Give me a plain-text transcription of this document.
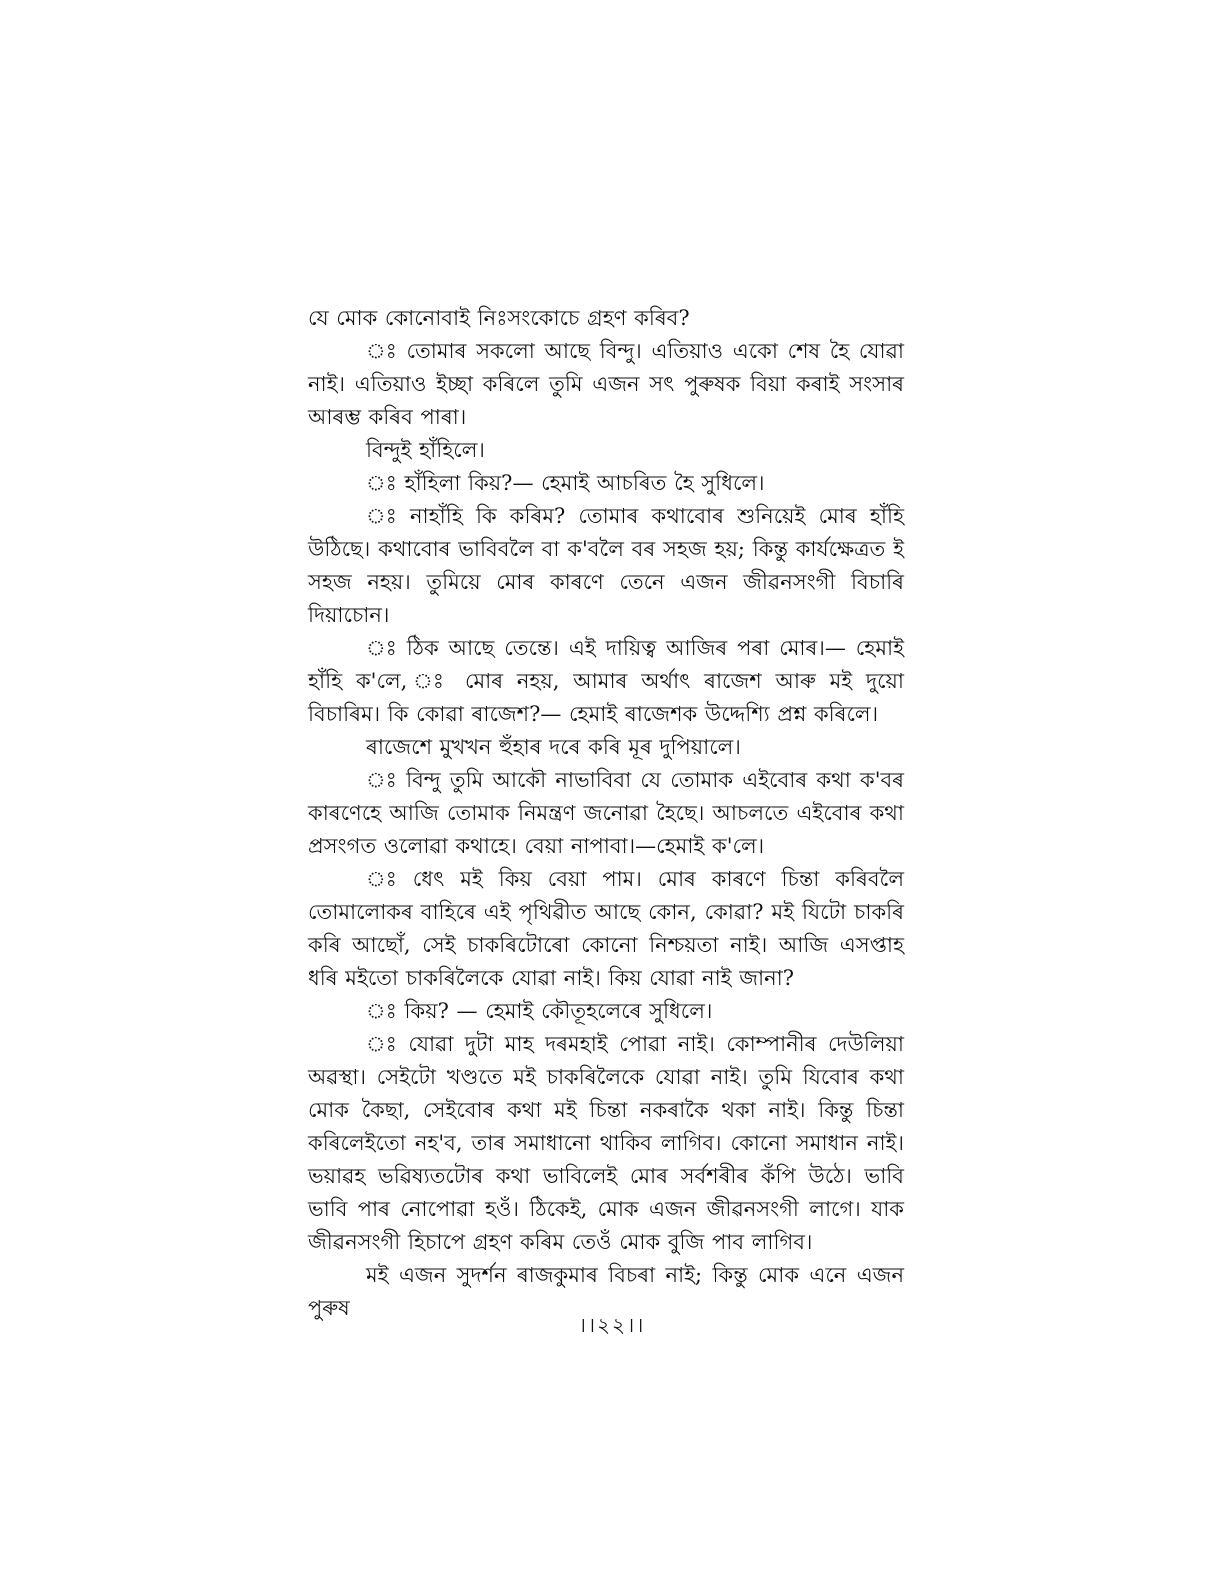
যে মোক কোনোবাই নিঃসংকোচে গ্ৰহণ কৰিব?

ঃ তোমাৰ সকলো আছে বিন্দু। এতিয়াও একো শেষ হৈ যোৱা নাই। এতিয়াও ইচ্ছা কৰিলে তুমি এজন সৎ পুৰুষক বিয়া কৰাই সংসাৰ আৰম্ভ কৰিব পাৰা।

বিন্দুই হাঁহিলে।

ঃ হাঁহিলা কিয়?— হেমাই আচৰিত হৈ সুধিলে।

ঃ নাহাঁহি কি কৰিম? তোমাৰ কথাবোৰ শুনিয়েই মোৰ হাঁহি উঠিছে। কথাবোৰ ভাবিবলৈ বা ক'বলৈ বৰ সহজ হয়; কিন্তু কাৰ্যক্ষেত্ৰত ই সহজ নহয়। তুমিয়ে মোৰ কাৰণে তেনে এজন জীৱনসংগী বিচাৰি দিয়াচোন।

ঃ ঠিক আছে তেন্তে। এই দায়িত্ব আজিৰ পৰা মোৰ।— হেমাই হাঁহি ক'লে, ঃ মোৰ নহয়, আমাৰ অৰ্থাৎ ৰাজেশ আৰু মই দুয়ো বিচাৰিম। কি কোৱা ৰাজেশ?— হেমাই ৰাজেশক উদ্দেশ্যি প্ৰশ্ন কৰিলে।

ৰাজেশে মুখখন হুঁহাৰ দৰে কৰি মূৰ দুপিয়ালে।

ঃ বিন্দু তুমি আকৌ নাভাবিবা যে তোমাক এইবোৰ কথা ক'বৰ কাৰণেহে আজি তোমাক নিমন্ত্ৰণ জনোৱা হৈছে। আচলতে এইবোৰ কথা প্ৰসংগত ওলোৱা কথাহে। বেয়া নাপাবা।—হেমাই ক'লে।

ঃ ধেৎ মই কিয় বেয়া পাম। মোৰ কাৰণে চিন্তা কৰিবলৈ তোমালোকৰ বাহিৰে এই পৃথিৱীত আছে কোন, কোৱা? মই যিটো চাকৰি কৰি আছোঁ, সেই চাকৰিটোৰো কোনো নিশ্চয়তা নাই। আজি এসপ্তাহ ধৰি মইতো চাকৰিলৈকে যোৱা নাই। কিয় যোৱা নাই জানা?

ঃ কিয়? — হেমাই কৌতূহলেৰে সুধিলে।

ঃ যোৱা দুটা মাহ দৰমহাই পোৱা নাই। কোম্পানীৰ দেউলিয়া অৱস্থা। সেইটো খণ্ডতে মই চাকৰিলৈকে যোৱা নাই। তুমি যিবোৰ কথা মোক কৈছা, সেইবোৰ কথা মই চিন্তা নকৰাকৈ থকা নাই। কিন্তু চিন্তা কৰিলেইতো নহ'ব, তাৰ সমাধানো থাকিব লাগিব। কোনো সমাধান নাই। ভয়াৱহ ভৱিষ্যতটোৰ কথা ভাবিলেই মোৰ সৰ্বশৰীৰ কঁপি উঠে। ভাবি ভাবি পাৰ নোপোৱা হওঁ। ঠিকেই, মোক এজন জীৱনসংগী লাগে। যাক জীৱনসংগী হিচাপে গ্ৰহণ কৰিম তেওঁ মোক বুজি পাব লাগিব।

মই এজন সুদৰ্শন ৰাজকুমাৰ বিচৰা নাই; কিন্তু মোক এনে এজন পুৰুষ

।।২২।।
